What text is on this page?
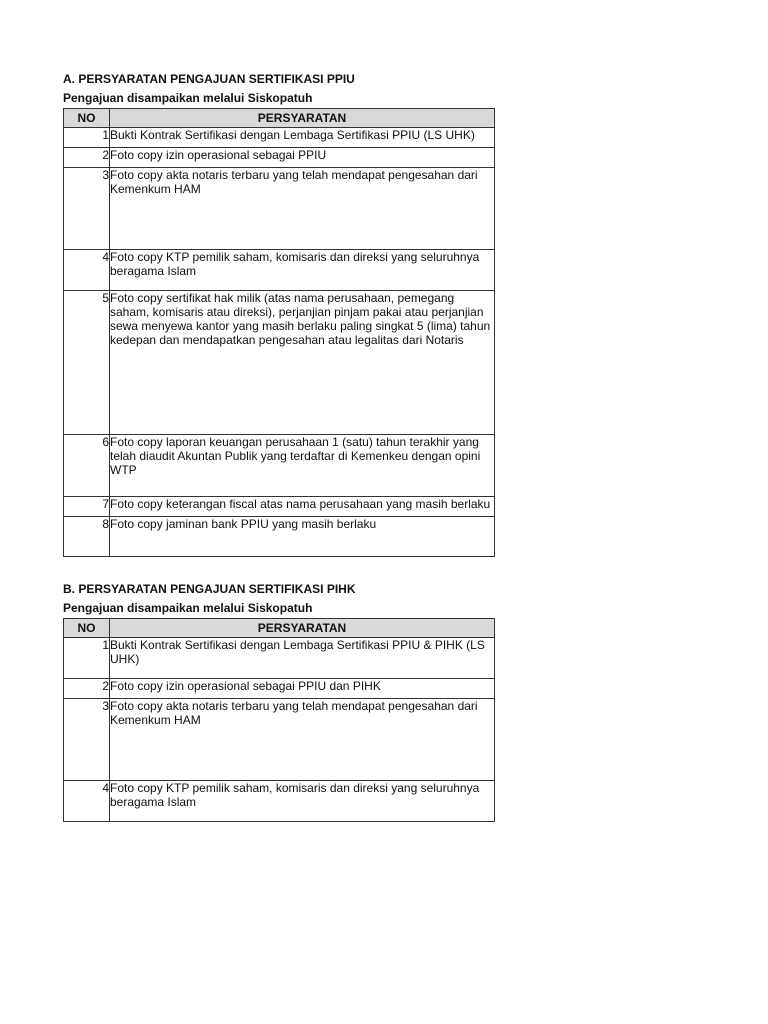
A. PERSYARATAN PENGAJUAN SERTIFIKASI PPIU
Pengajuan disampaikan melalui Siskopatuh
NO	PERSYARATAN
1	Bukti Kontrak Sertifikasi dengan Lembaga Sertifikasi PPIU (LS UHK)
2	Foto copy izin operasional sebagai PPIU
3	Foto copy akta notaris terbaru yang telah mendapat pengesahan dari Kemenkum HAM
4	Foto copy KTP pemilik saham, komisaris dan direksi yang seluruhnya beragama Islam
5	Foto copy sertifikat hak milik (atas nama perusahaan, pemegang saham, komisaris atau direksi), perjanjian pinjam pakai atau perjanjian sewa menyewa kantor yang masih berlaku paling singkat 5 (lima) tahun kedepan dan mendapatkan pengesahan atau legalitas dari Notaris
6	Foto copy laporan keuangan perusahaan 1 (satu) tahun terakhir yang telah diaudit Akuntan Publik yang terdaftar di Kemenkeu dengan opini WTP
7	Foto copy keterangan fiscal atas nama perusahaan yang masih berlaku

8	Foto copy jaminan bank PPIU yang masih berlaku
B. PERSYARATAN PENGAJUAN SERTIFIKASI PIHK
Pengajuan disampaikan melalui Siskopatuh
NO	PERSYARATAN
1	Bukti Kontrak Sertifikasi dengan Lembaga Sertifikasi PPIU & PIHK (LS UHK)
2	Foto copy izin operasional sebagai PPIU dan PIHK
3	Foto copy akta notaris terbaru yang telah mendapat pengesahan dari Kemenkum HAM
4	Foto copy KTP pemilik saham, komisaris dan direksi yang seluruhnya beragama Islam
